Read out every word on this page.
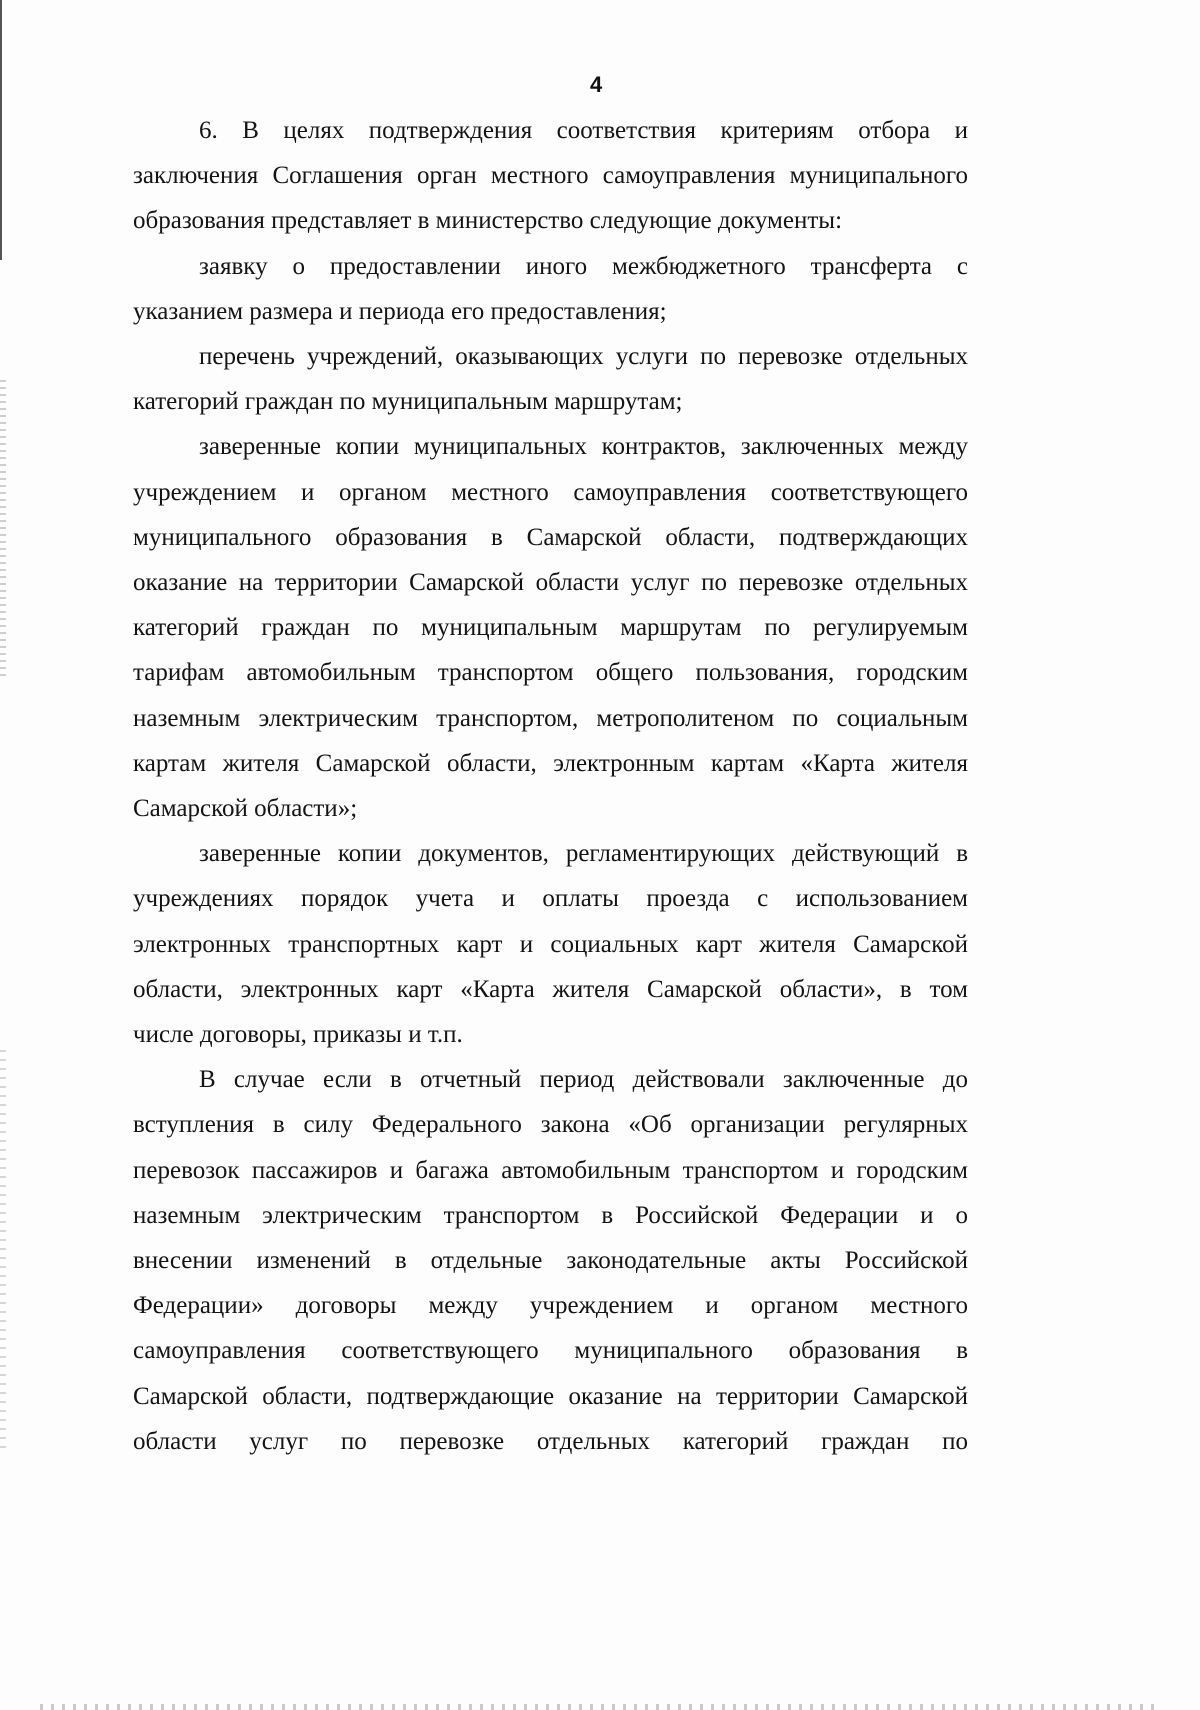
4
6. В целях подтверждения соответствия критериям отбора и
заключения Соглашения орган местного самоуправления муниципального
образования представляет в министерство следующие документы:
заявку о предоставлении иного межбюджетного трансферта с
указанием размера и периода его предоставления;
перечень учреждений, оказывающих услуги по перевозке отдельных
категорий граждан по муниципальным маршрутам;
заверенные копии муниципальных контрактов, заключенных между
учреждением и органом местного самоуправления соответствующего
муниципального образования в Самарской области, подтверждающих
оказание на территории Самарской области услуг по перевозке отдельных
категорий граждан по муниципальным маршрутам по регулируемым
тарифам автомобильным транспортом общего пользования, городским
наземным электрическим транспортом, метрополитеном по социальным
картам жителя Самарской области, электронным картам «Карта жителя
Самарской области»;
заверенные копии документов, регламентирующих действующий в
учреждениях порядок учета и оплаты проезда с использованием
электронных транспортных карт и социальных карт жителя Самарской
области, электронных карт «Карта жителя Самарской области», в том
числе договоры, приказы и т.п.
В случае если в отчетный период действовали заключенные до
вступления в силу Федерального закона «Об организации регулярных
перевозок пассажиров и багажа автомобильным транспортом и городским
наземным электрическим транспортом в Российской Федерации и о
внесении изменений в отдельные законодательные акты Российской
Федерации» договоры между учреждением и органом местного
самоуправления соответствующего муниципального образования в
Самарской области, подтверждающие оказание на территории Самарской
области услуг по перевозке отдельных категорий граждан по
